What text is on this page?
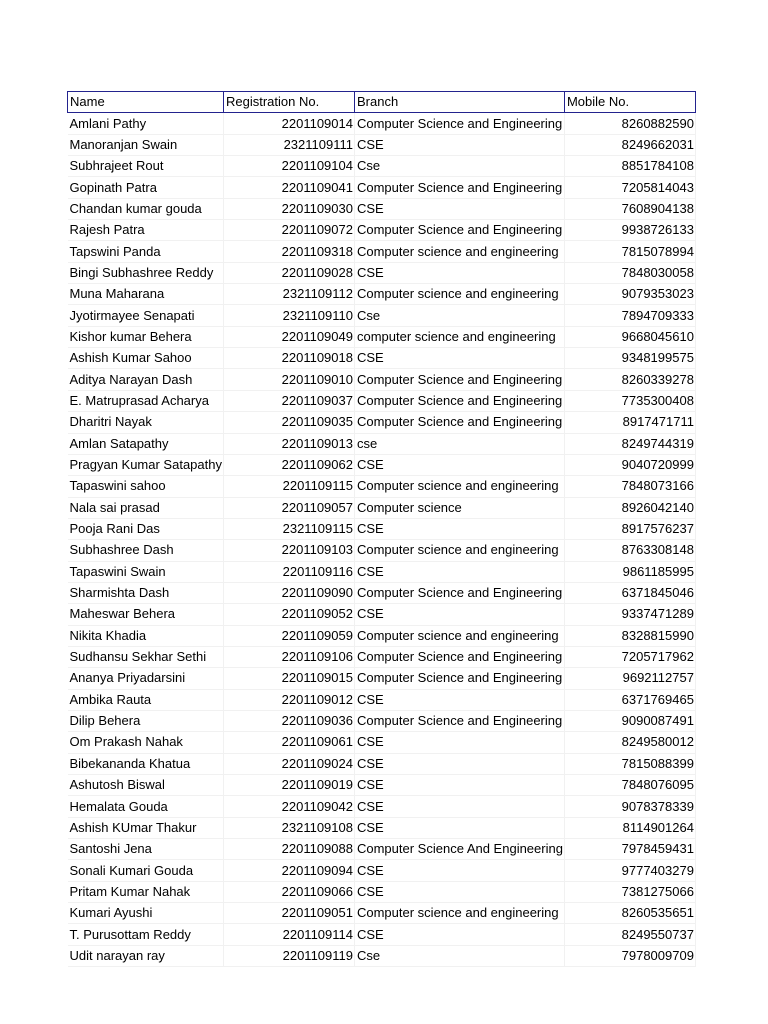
Name	Registration No.	Branch	Mobile No.
Amlani Pathy	2201109014	Computer Science and Engineering	8260882590
Manoranjan Swain	2321109111	CSE	8249662031
Subhrajeet Rout	2201109104	Cse	8851784108
Gopinath Patra	2201109041	Computer Science and Engineering	7205814043
Chandan kumar gouda	2201109030	CSE	7608904138
Rajesh Patra	2201109072	Computer Science and Engineering	9938726133
Tapswini Panda	2201109318	Computer science and engineering	7815078994
Bingi Subhashree Reddy	2201109028	CSE	7848030058
Muna Maharana	2321109112	Computer science and engineering	9079353023
Jyotirmayee Senapati	2321109110	Cse	7894709333
Kishor kumar Behera	2201109049	computer science and engineering	9668045610
Ashish Kumar Sahoo	2201109018	CSE	9348199575
Aditya Narayan Dash	2201109010	Computer Science and Engineering	8260339278
E. Matruprasad Acharya	2201109037	Computer Science and Engineering	7735300408
Dharitri Nayak	2201109035	Computer Science and Engineering	8917471711
Amlan Satapathy	2201109013	cse	8249744319
Pragyan Kumar Satapathy	2201109062	CSE	9040720999
Tapaswini sahoo	2201109115	Computer science and engineering	7848073166
Nala sai prasad	2201109057	Computer science	8926042140
Pooja Rani Das	2321109115	CSE	8917576237
Subhashree Dash	2201109103	Computer science and engineering	8763308148
Tapaswini Swain	2201109116	CSE	9861185995
Sharmishta Dash	2201109090	Computer Science and Engineering	6371845046
Maheswar Behera	2201109052	CSE	9337471289
Nikita Khadia	2201109059	Computer science and engineering	8328815990
Sudhansu Sekhar Sethi	2201109106	Computer Science and Engineering	7205717962
Ananya Priyadarsini	2201109015	Computer Science and Engineering	9692112757
Ambika Rauta	2201109012	CSE	6371769465
Dilip Behera	2201109036	Computer Science and Engineering	9090087491
Om Prakash Nahak	2201109061	CSE	8249580012
Bibekananda Khatua	2201109024	CSE	7815088399
Ashutosh Biswal	2201109019	CSE	7848076095
Hemalata Gouda	2201109042	CSE	9078378339
Ashish KUmar Thakur	2321109108	CSE	8114901264
Santoshi Jena	2201109088	Computer Science And Engineering	7978459431
Sonali Kumari Gouda	2201109094	CSE	9777403279
Pritam Kumar Nahak	2201109066	CSE	7381275066
Kumari Ayushi	2201109051	Computer science and engineering	8260535651
T. Purusottam Reddy	2201109114	CSE	8249550737
Udit narayan ray	2201109119	Cse	7978009709
